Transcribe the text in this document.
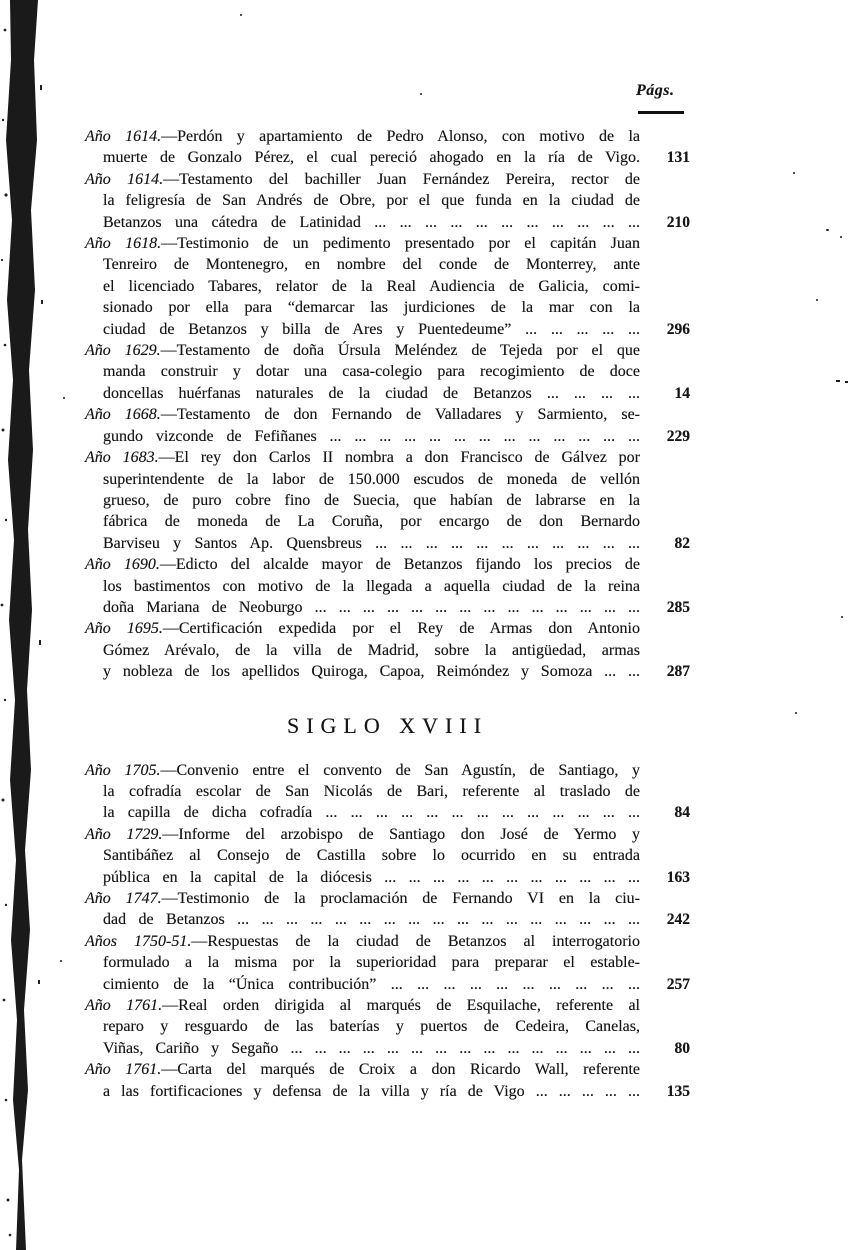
Págs.
Año 1614.—Perdón y apartamiento de Pedro Alonso, con motivo de la
muerte de Gonzalo Pérez, el cual pereció ahogado en la ría de Vigo.	131
Año 1614.—Testamento del bachiller Juan Fernández Pereira, rector de
la feligresía de San Andrés de Obre, por el que funda en la ciudad de
Betanzos una cátedra de Latinidad ... ... ... ... ... ... ... ... ... ... ...	210
Año 1618.—Testimonio de un pedimento presentado por el capitán Juan
Tenreiro de Montenegro, en nombre del conde de Monterrey, ante
el licenciado Tabares, relator de la Real Audiencia de Galicia, comi-
sionado por ella para “demarcar las jurdiciones de la mar con la
ciudad de Betanzos y billa de Ares y Puentedeume” ... ... ... ... ...	296
Año 1629.—Testamento de doña Úrsula Meléndez de Tejeda por el que
manda construir y dotar una casa-colegio para recogimiento de doce
doncellas huérfanas naturales de la ciudad de Betanzos ... ... ... ...	14
Año 1668.—Testamento de don Fernando de Valladares y Sarmiento, se-
gundo vizconde de Fefiñanes ... ... ... ... ... ... ... ... ... ... ... ... ...	229
Año 1683.—El rey don Carlos II nombra a don Francisco de Gálvez por
superintendente de la labor de 150.000 escudos de moneda de vellón
grueso, de puro cobre fino de Suecia, que habían de labrarse en la
fábrica de moneda de La Coruña, por encargo de don Bernardo
Barviseu y Santos Ap. Quensbreus ... ... ... ... ... ... ... ... ... ... ...	82
Año 1690.—Edicto del alcalde mayor de Betanzos fijando los precios de
los bastimentos con motivo de la llegada a aquella ciudad de la reina
doña Mariana de Neoburgo ... ... ... ... ... ... ... ... ... ... ... ... ... ...	285
Año 1695.—Certificación expedida por el Rey de Armas don Antonio
Gómez Arévalo, de la villa de Madrid, sobre la antigüedad, armas
y nobleza de los apellidos Quiroga, Capoa, Reimóndez y Somoza ... ...	287
SIGLO XVIII
Año 1705.—Convenio entre el convento de San Agustín, de Santiago, y
la cofradía escolar de San Nicolás de Bari, referente al traslado de
la capilla de dicha cofradía ... ... ... ... ... ... ... ... ... ... ... ... ...	84
Año 1729.—Informe del arzobispo de Santiago don José de Yermo y
Santibáñez al Consejo de Castilla sobre lo ocurrido en su entrada
pública en la capital de la diócesis ... ... ... ... ... ... ... ... ... ... ...	163
Año 1747.—Testimonio de la proclamación de Fernando VI en la ciu-
dad de Betanzos ... ... ... ... ... ... ... ... ... ... ... ... ... ... ... ... ...	242
Años 1750-51.—Respuestas de la ciudad de Betanzos al interrogatorio
formulado a la misma por la superioridad para preparar el estable-
cimiento de la “Única contribución” ... ... ... ... ... ... ... ... ... ...	257
Año 1761.—Real orden dirigida al marqués de Esquilache, referente al
reparo y resguardo de las baterías y puertos de Cedeira, Canelas,
Viñas, Cariño y Segaño ... ... ... ... ... ... ... ... ... ... ... ... ... ... ...	80
Año 1761.—Carta del marqués de Croix a don Ricardo Wall, referente
a las fortificaciones y defensa de la villa y ría de Vigo ... ... ... ... ...	135
